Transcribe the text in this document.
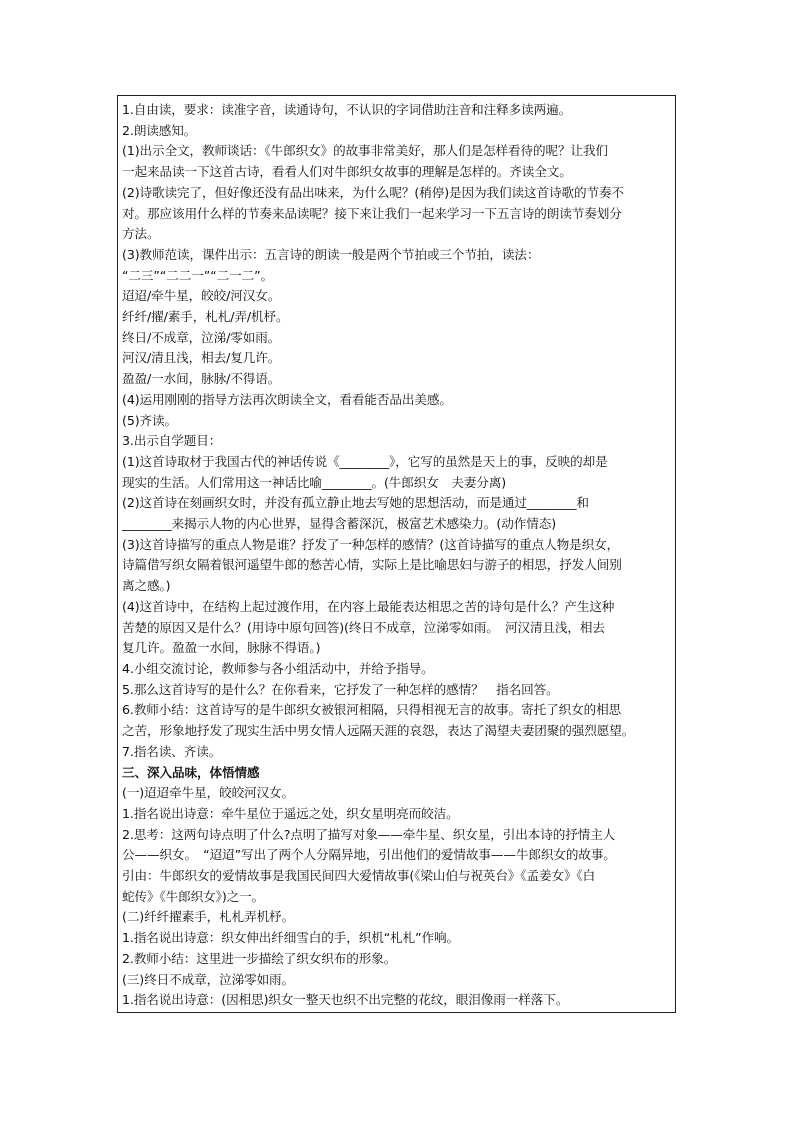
1.自由读，要求：读准字音，读通诗句，不认识的字词借助注音和注释多读两遍。
2.朗读感知。
(1)出示全文，教师谈话：《牛郎织女》的故事非常美好，那人们是怎样看待的呢？让我们
一起来品读一下这首古诗，看看人们对牛郎织女故事的理解是怎样的。齐读全文。
(2)诗歌读完了，但好像还没有品出味来，为什么呢？(稍停)是因为我们读这首诗歌的节奏不
对。那应该用什么样的节奏来品读呢？接下来让我们一起来学习一下五言诗的朗读节奏划分
方法。
(3)教师范读，课件出示：五言诗的朗读一般是两个节拍或三个节拍，读法：
“二三”“二二一”“二一二”。
迢迢/牵牛星，皎皎/河汉女。
纤纤/擢/素手，札札/弄/机杼。
终日/不成章，泣涕/零如雨。
河汉/清且浅，相去/复几许。
盈盈/一水间，脉脉/不得语。
(4)运用刚刚的指导方法再次朗读全文，看看能否品出美感。
(5)齐读。
3.出示自学题目：
(1)这首诗取材于我国古代的神话传说《________》，它写的虽然是天上的事，反映的却是
现实的生活。人们常用这一神话比喻________。(牛郎织女　夫妻分离)
(2)这首诗在刻画织女时，并没有孤立静止地去写她的思想活动，而是通过________和
________来揭示人物的内心世界，显得含蓄深沉，极富艺术感染力。(动作情态)
(3)这首诗描写的重点人物是谁？抒发了一种怎样的感情？(这首诗描写的重点人物是织女，
诗篇借写织女隔着银河遥望牛郎的愁苦心情，实际上是比喻思妇与游子的相思，抒发人间别
离之感。)
(4)这首诗中，在结构上起过渡作用，在内容上最能表达相思之苦的诗句是什么？产生这种
苦楚的原因又是什么？(用诗中原句回答)(终日不成章，泣涕零如雨。　河汉清且浅，相去
复几许。盈盈一水间，脉脉不得语。)
4.小组交流讨论，教师参与各小组活动中，并给予指导。
5.那么这首诗写的是什么？在你看来，它抒发了一种怎样的感情？　指名回答。
6.教师小结：这首诗写的是牛郎织女被银河相隔，只得相视无言的故事。寄托了织女的相思
之苦，形象地抒发了现实生活中男女情人远隔天涯的哀怨，表达了渴望夫妻团聚的强烈愿望。
7.指名读、齐读。
三、深入品味，体悟情感
(一)迢迢牵牛星，皎皎河汉女。
1.指名说出诗意：牵牛星位于遥远之处，织女星明亮而皎洁。
2.思考：这两句诗点明了什么?点明了描写对象——牵牛星、织女星，引出本诗的抒情主人
公——织女。　“迢迢”写出了两个人分隔异地，引出他们的爱情故事——牛郎织女的故事。
引由：牛郎织女的爱情故事是我国民间四大爱情故事(《梁山伯与祝英台》《孟姜女》《白
蛇传》《牛郎织女》)之一。
(二)纤纤擢素手，札札弄机杼。
1.指名说出诗意：织女伸出纤细雪白的手，织机“札札”作响。
2.教师小结：这里进一步描绘了织女织布的形象。
(三)终日不成章，泣涕零如雨。
1.指名说出诗意：(因相思)织女一整天也织不出完整的花纹，眼泪像雨一样落下。
